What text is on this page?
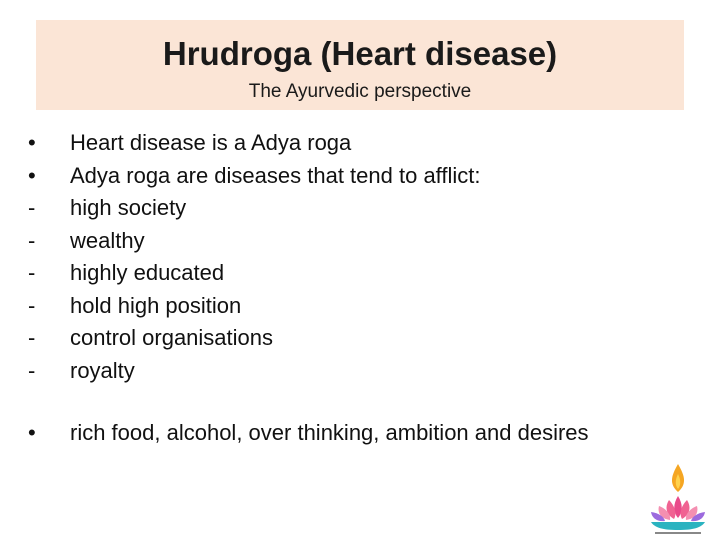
Hrudroga (Heart disease)
The Ayurvedic perspective
•	Heart disease is a Adya roga
•	Adya roga are diseases that tend to afflict:
-	high society
-	wealthy
-	highly educated
-	hold high position
-	control organisations
-	royalty
• rich food, alcohol, over thinking, ambition and desires
